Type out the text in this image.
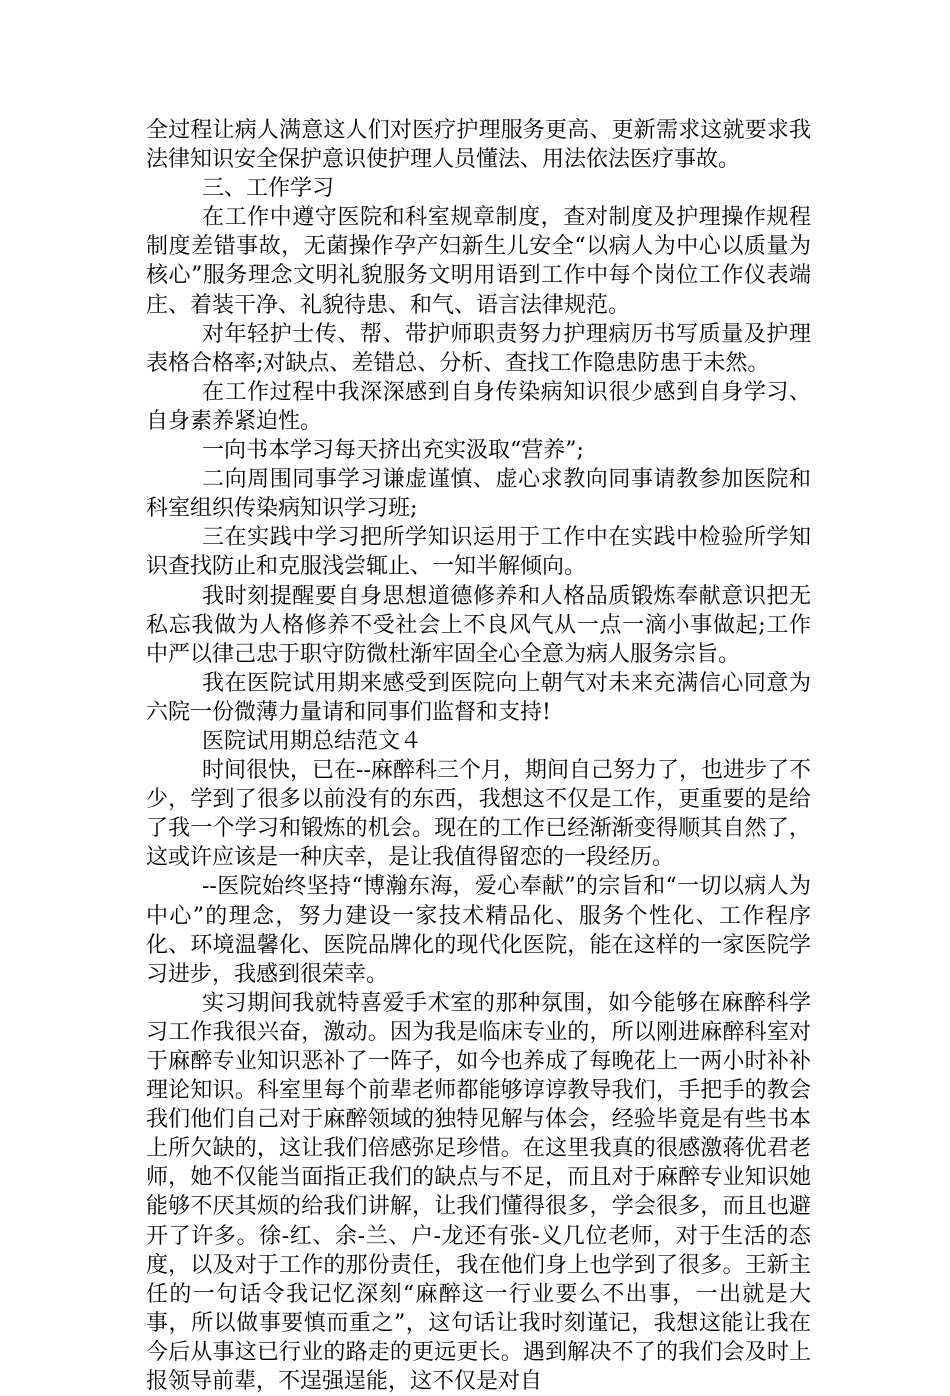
全过程让病人满意这人们对医疗护理服务更高、更新需求这就要求我法律知识安全保护意识使护理人员懂法、用法依法医疗事故。

三、工作学习

在工作中遵守医院和科室规章制度，查对制度及护理操作规程制度差错事故，无菌操作孕产妇新生儿安全“以病人为中心以质量为核心”服务理念文明礼貌服务文明用语到工作中每个岗位工作仪表端庄、着装干净、礼貌待患、和气、语言法律规范。

对年轻护士传、帮、带护师职责努力护理病历书写质量及护理表格合格率;对缺点、差错总、分析、查找工作隐患防患于未然。

在工作过程中我深深感到自身传染病知识很少感到自身学习、自身素养紧迫性。

一向书本学习每天挤出充实汲取“营养”;

二向周围同事学习谦虚谨慎、虚心求教向同事请教参加医院和科室组织传染病知识学习班;

三在实践中学习把所学知识运用于工作中在实践中检验所学知识查找防止和克服浅尝辄止、一知半解倾向。

我时刻提醒要自身思想道德修养和人格品质锻炼奉献意识把无私忘我做为人格修养不受社会上不良风气从一点一滴小事做起;工作中严以律己忠于职守防微杜渐牢固全心全意为病人服务宗旨。

我在医院试用期来感受到医院向上朝气对未来充满信心同意为六院一份微薄力量请和同事们监督和支持!

医院试用期总结范文４

时间很快，已在--麻醉科三个月，期间自己努力了，也进步了不少，学到了很多以前没有的东西，我想这不仅是工作，更重要的是给了我一个学习和锻炼的机会。现在的工作已经渐渐变得顺其自然了，这或许应该是一种庆幸，是让我值得留恋的一段经历。

--医院始终坚持“博瀚东海，爱心奉献”的宗旨和“一切以病人为中心”的理念，努力建设一家技术精品化、服务个性化、工作程序化、环境温馨化、医院品牌化的现代化医院，能在这样的一家医院学习进步，我感到很荣幸。

实习期间我就特喜爱手术室的那种氛围，如今能够在麻醉科学习工作我很兴奋，激动。因为我是临床专业的，所以刚进麻醉科室对于麻醉专业知识恶补了一阵子，如今也养成了每晚花上一两小时补补理论知识。科室里每个前辈老师都能够谆谆教导我们，手把手的教会我们他们自己对于麻醉领域的独特见解与体会，经验毕竟是有些书本上所欠缺的，这让我们倍感弥足珍惜。在这里我真的很感激蒋优君老师，她不仅能当面指正我们的缺点与不足，而且对于麻醉专业知识她能够不厌其烦的给我们讲解，让我们懂得很多，学会很多，而且也避开了许多。徐-红、余-兰、户-龙还有张-义几位老师，对于生活的态度，以及对于工作的那份责任，我在他们身上也学到了很多。王新主任的一句话令我记忆深刻“麻醉这一行业要么不出事，一出就是大事，所以做事要慎而重之”，这句话让我时刻谨记，我想这能让我在今后从事这已行业的路走的更远更长。遇到解决不了的我们会及时上报领导前辈，不逞强逞能，这不仅是对自
